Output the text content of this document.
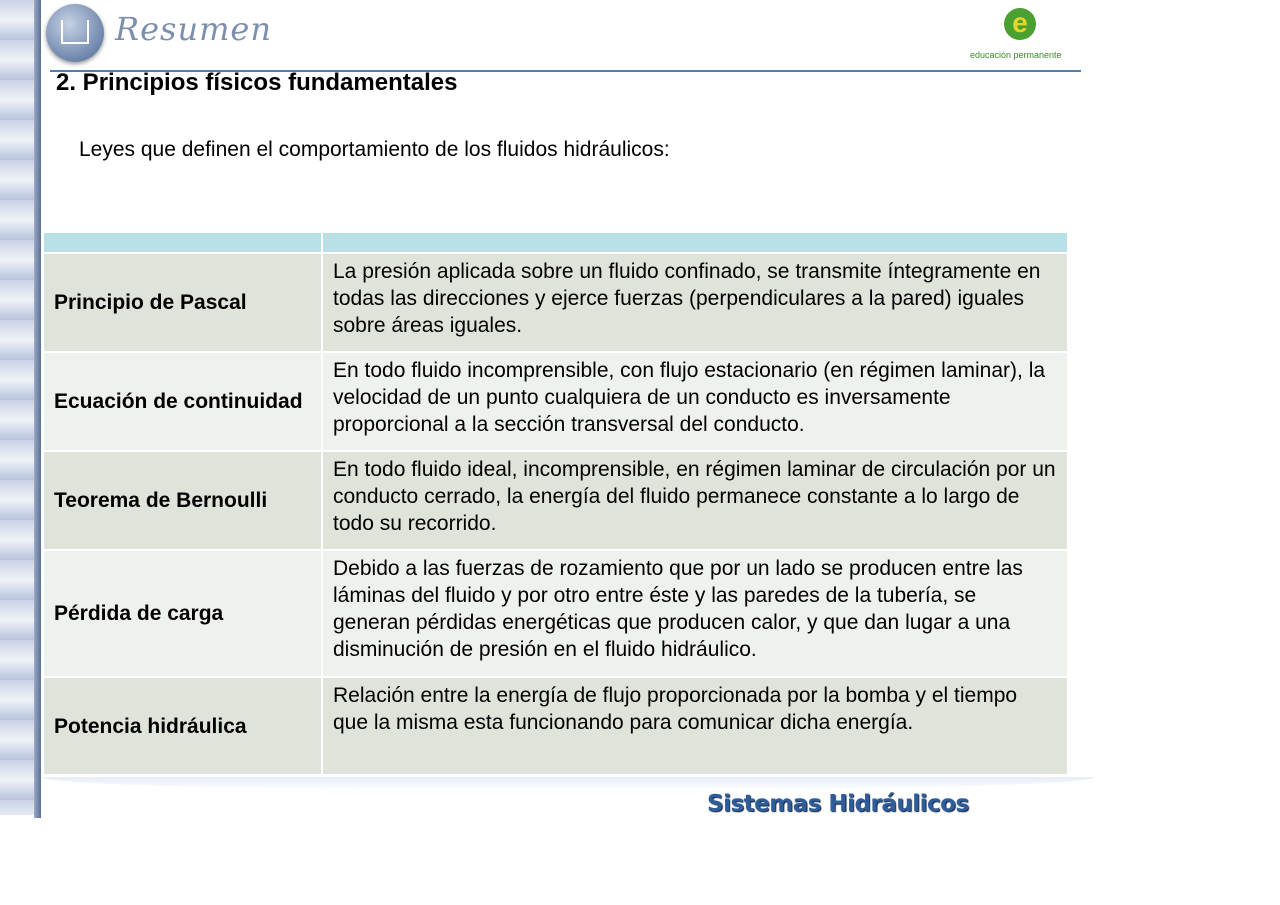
Resumen	e
educación permanente
2. Principios físicos fundamentales
Leyes que definen el comportamiento de los fluidos hidráulicos:

Principio de Pascal	La presión aplicada sobre un fluido confinado, se transmite íntegramente en todas las direcciones y ejerce fuerzas (perpendiculares a la pared) iguales sobre áreas iguales.
Ecuación de continuidad	En todo fluido incomprensible, con flujo estacionario (en régimen laminar), la velocidad de un punto cualquiera de un conducto es inversamente proporcional a la sección transversal del conducto.
Teorema de Bernoulli	En todo fluido ideal, incomprensible, en régimen laminar de circulación por un conducto cerrado, la energía del fluido permanece constante a lo largo de todo su recorrido.
Pérdida de carga	Debido a las fuerzas de rozamiento que por un lado se producen entre las láminas del fluido y por otro entre éste y las paredes de la tubería, se generan pérdidas energéticas que producen calor, y que dan lugar a una disminución de presión en el fluido hidráulico.
Potencia hidráulica	Relación entre la energía de flujo proporcionada por la bomba y el tiempo que la misma esta funcionando para comunicar dicha energía.
Sistemas Hidráulicos
